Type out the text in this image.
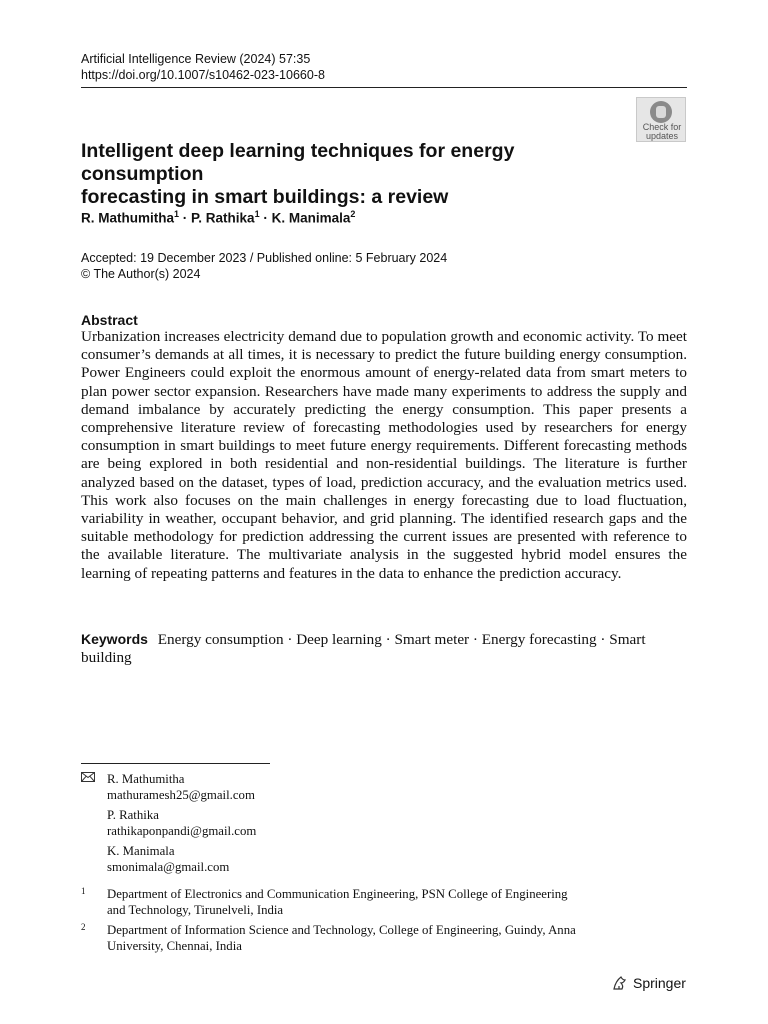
Artificial Intelligence Review (2024) 57:35
https://doi.org/10.1007/s10462-023-10660-8
Check for
updates
Intelligent deep learning techniques for energy consumption
forecasting in smart buildings: a review
R. Mathumitha$^1$ · P. Rathika$^1$ · K. Manimala$^2$
Accepted: 19 December 2023 / Published online: 5 February 2024
© The Author(s) 2024
Abstract
Urbanization increases electricity demand due to population growth and economic activity. To meet consumer’s demands at all times, it is necessary to predict the future building energy consumption. Power Engineers could exploit the enormous amount of energy-related data from smart meters to plan power sector expansion. Researchers have made many experiments to address the supply and demand imbalance by accurately predicting the energy consumption. This paper presents a comprehensive literature review of forecasting methodologies used by researchers for energy consumption in smart buildings to meet future energy requirements. Different forecasting methods are being explored in both residential and non-residential buildings. The literature is further analyzed based on the dataset, types of load, prediction accuracy, and the evaluation metrics used. This work also focuses on the main challenges in energy forecasting due to load fluctuation, variability in weather, occupant behavior, and grid planning. The identified research gaps and the suitable methodology for prediction addressing the current issues are presented with reference to the available literature. The multivariate analysis in the suggested hybrid model ensures the learning of repeating patterns and features in the data to enhance the prediction accuracy.
Keywords Energy consumption · Deep learning · Smart meter · Energy forecasting · Smart building
R. Mathumitha
mathuramesh25@gmail.com
P. Rathika
rathikaponpandi@gmail.com
K. Manimala
smonimala@gmail.com
1 Department of Electronics and Communication Engineering, PSN College of Engineering
and Technology, Tirunelveli, India
2 Department of Information Science and Technology, College of Engineering, Guindy, Anna
University, Chennai, India
Springer
